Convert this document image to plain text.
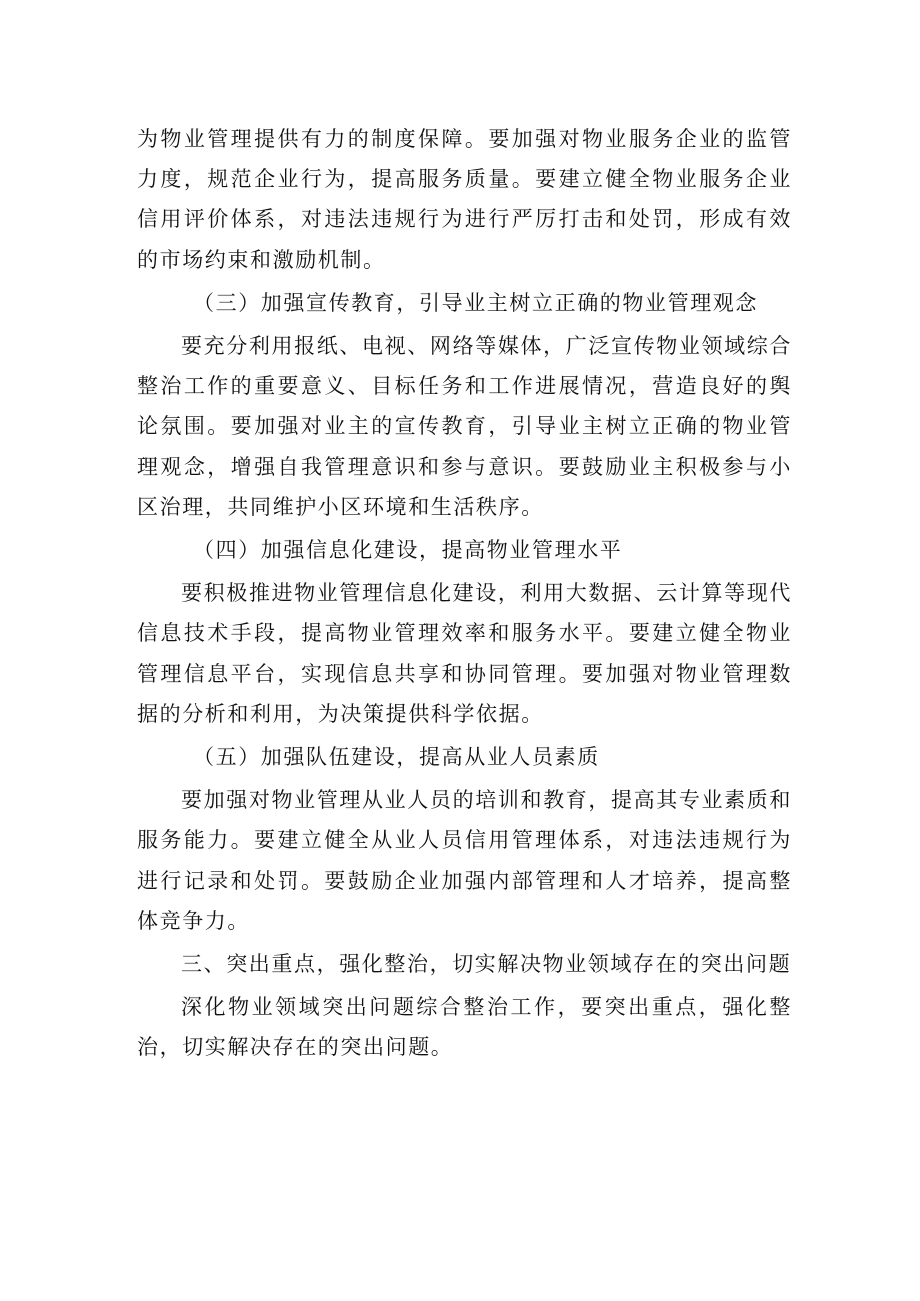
为物业管理提供有力的制度保障。要加强对物业服务企业的监管力度，规范企业行为，提高服务质量。要建立健全物业服务企业信用评价体系，对违法违规行为进行严厉打击和处罚，形成有效的市场约束和激励机制。

（三）加强宣传教育，引导业主树立正确的物业管理观念

要充分利用报纸、电视、网络等媒体，广泛宣传物业领域综合整治工作的重要意义、目标任务和工作进展情况，营造良好的舆论氛围。要加强对业主的宣传教育，引导业主树立正确的物业管理观念，增强自我管理意识和参与意识。要鼓励业主积极参与小区治理，共同维护小区环境和生活秩序。

（四）加强信息化建设，提高物业管理水平

要积极推进物业管理信息化建设，利用大数据、云计算等现代信息技术手段，提高物业管理效率和服务水平。要建立健全物业管理信息平台，实现信息共享和协同管理。要加强对物业管理数据的分析和利用，为决策提供科学依据。

（五）加强队伍建设，提高从业人员素质

要加强对物业管理从业人员的培训和教育，提高其专业素质和服务能力。要建立健全从业人员信用管理体系，对违法违规行为进行记录和处罚。要鼓励企业加强内部管理和人才培养，提高整体竞争力。

三、突出重点，强化整治，切实解决物业领域存在的突出问题

深化物业领域突出问题综合整治工作，要突出重点，强化整治，切实解决存在的突出问题。
